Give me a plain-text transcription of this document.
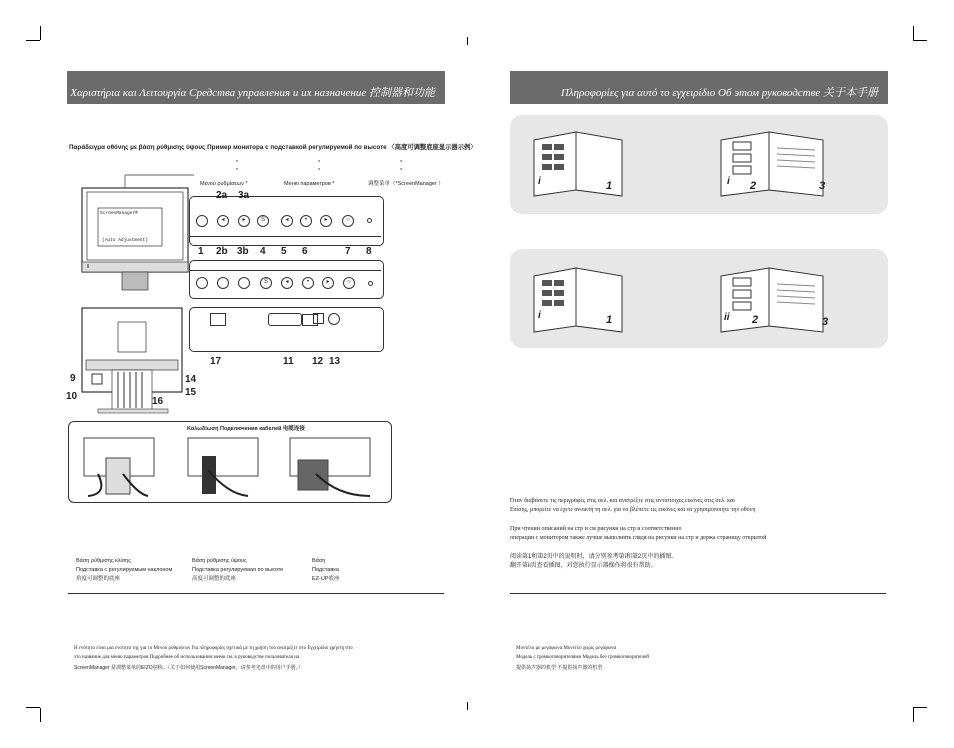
Χαριστήρια και Λειτουργία Средства управления и их назначение 控制器和功能
Παράδειγμα οθόνης με βάση ρύθμισης ύψους Пример монитора с подставкой регулируемой по высоте 〈高度可调整底座显示器示例〉
Μενού ρυθμίσεων *	Меню параметров *	调整菜单（*ScreenManager ）
*
*
*
*
*
*
ScreenManager®
(Auto Adjustment)
2a 3a
◂	▸	S	◂	•	▸	○
1 2b 3b 4 5 6	7 8
S	◂	•	▸	○
17	11 12 13
9
10
14
15
16
Καλωδίωση Подключения кабелей 电缆连接
Βάση ρύθμισης κλίσης
Подставка с регулируемым наклоном
角度可调整的底座
Βάση ρύθμισης ύψους
Подставка регулируемая по высоте
高度可调整的底座
Βάση
Подставка
EZ-UP底座
Η ενότητα είναι μια ενοτητα της για το Μενού ρυθμίσεων Για πληροφορίες σχετικά με τη χρήση του ανατρέξτε στο Εγχειρίδιο χρήστη στο
это название для меню параметров Подробнее об использовании меню см. в руководстве пользователя на
ScreenManager 是调整菜单的EIZO别称。（关于如何使用ScreenManager，请参考光盘中的用户手册。）
Πληροφορίες για αυτό το εγχειρίδιο Об этом руководстве 关于本手册
i	1	i 2	3
i	1	ii 2	3
Όταν διαβάσετε τις περιγραφές στις σελ. και ανατρέξτε στις αντίστοιχες εικόνες στις σελ. και
Επίσης, μπορείτε να έχετε ανοικτή τη σελ. για να βλέπετε τις εικόνες και να χρησιμοποιήτε την οθόνη
При чтении описаний на стр и см рисунки на стр и соответственно
операции с монитором также лучше выполнять глядя на рисунки на стр и держа страницу открытой
阅读第1和第2页中的说明时，请分别参考第i和第2页中的插图。
翻开第ii页查看插图，对您执行显示器操作将很有帮助。
Μοντέλο με μεγάφωνα Μοντέλο χωρίς μεγάφωνα
Модель с громкоговорителями Модель без громкоговорителей
提供扬声器的机型 不提供扬声器的机型
